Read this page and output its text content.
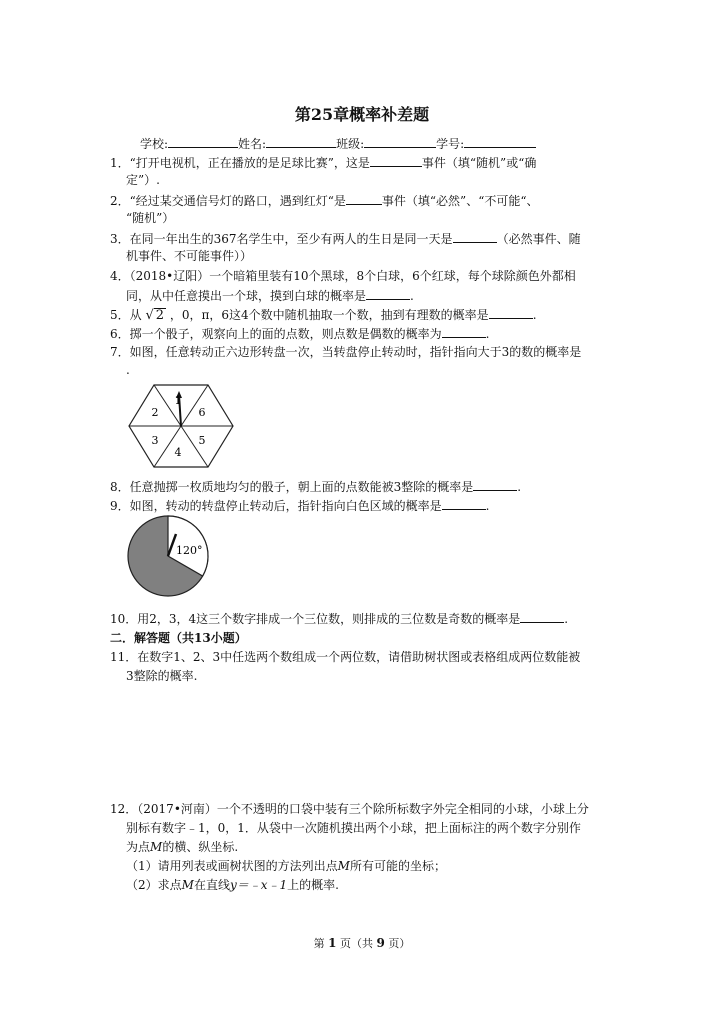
第25章概率补差题
学校:	姓名:	班级:	学号:
1．“打开电视机，正在播放的是足球比赛”，这是	事件（填“随机”或“确
定”）.
2．“经过某交通信号灯的路口，遇到红灯“是	事件（填“必然”、“不可能“、
“随机”）
3．在同一年出生的367名学生中，至少有两人的生日是同一天是	（必然事件、随
机事件、不可能事件））
4．（2018•辽阳）一个暗箱里装有10个黑球，8个白球，6个红球，每个球除颜色外都相
同，从中任意摸出一个球，摸到白球的概率是	.
5．从 √ 2 ，0，π，6这4个数中随机抽取一个数，抽到有理数的概率是	.
6．掷一个骰子，观察向上的面的点数，则点数是偶数的概率为	.
7．如图，任意转动正六边形转盘一次，当转盘停止转动时，指针指向大于3的数的概率是
.
1
6
5
4
3
2
8．任意抛掷一枚质地均匀的骰子，朝上面的点数能被3整除的概率是	.
9．如图，转动的转盘停止转动后，指针指向白色区域的概率是	.
120°
10．用2，3，4这三个数字排成一个三位数，则排成的三位数是奇数的概率是	.
二．解答题（共13小题）
11．在数字1、2、3中任选两个数组成一个两位数，请借助树状图或表格组成两位数能被
3整除的概率.
12．（2017•河南）一个不透明的口袋中装有三个除所标数字外完全相同的小球，小球上分
别标有数字﹣1，0，1．从袋中一次随机摸出两个小球，把上面标注的两个数字分别作
为点M的横、纵坐标.
（1）请用列表或画树状图的方法列出点M所有可能的坐标；
（2）求点M在直线y＝﹣x﹣1上的概率.
第 1 页（共 9 页）
